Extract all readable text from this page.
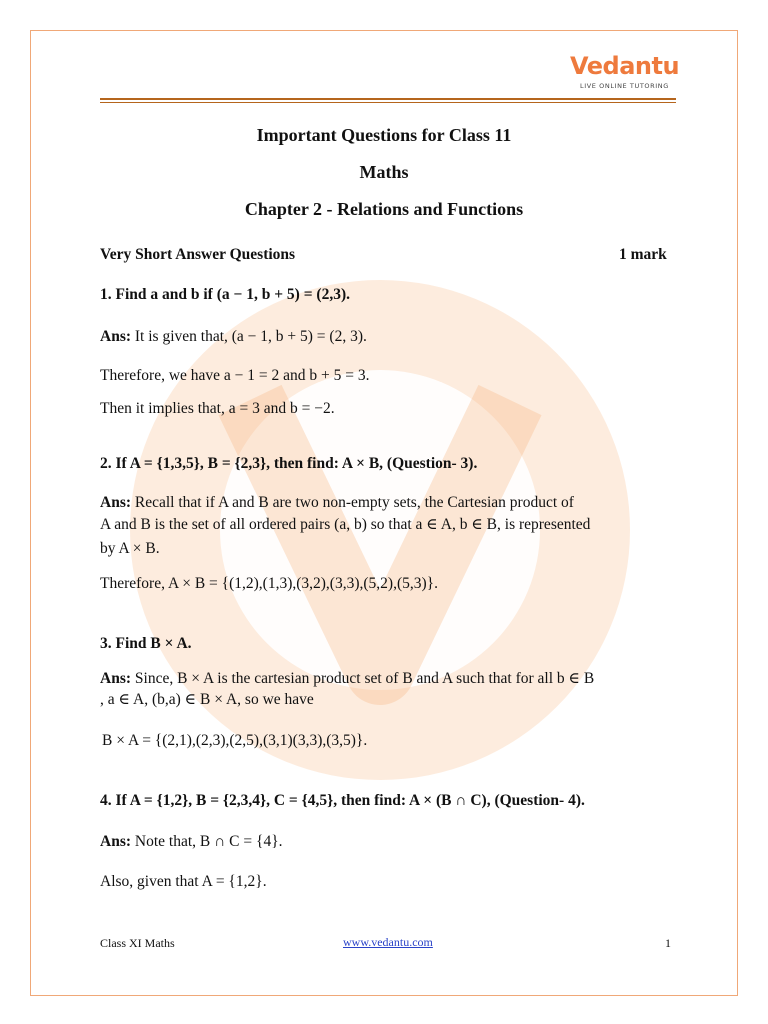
Vedantu
LIVE ONLINE TUTORING
Important Questions for Class 11
Maths
Chapter 2 - Relations and Functions
Very Short Answer Questions	1 mark
1. Find a and b if (a − 1, b + 5) = (2,3).
Ans: It is given that, (a − 1, b + 5) = (2, 3).
Therefore, we have a − 1 = 2 and b + 5 = 3.
Then it implies that, a = 3 and b = −2.
2. If A = {1,3,5}, B = {2,3}, then find: A × B, (Question- 3).
Ans: Recall that if A and B are two non-empty sets, the Cartesian product of
A and B is the set of all ordered pairs (a, b) so that a ∈ A, b ∈ B, is represented
by A × B.
Therefore, A × B = {(1,2),(1,3),(3,2),(3,3),(5,2),(5,3)}.
3. Find B × A.
Ans: Since, B × A is the cartesian product set of B and A such that for all b ∈ B
, a ∈ A, (b,a) ∈ B × A, so we have
B × A = {(2,1),(2,3),(2,5),(3,1)(3,3),(3,5)}.
4. If A = {1,2}, B = {2,3,4}, C = {4,5}, then find: A × (B ∩ C), (Question- 4).
Ans: Note that, B ∩ C = {4}.
Also, given that A = {1,2}.
Class XI Maths	www.vedantu.com	1
